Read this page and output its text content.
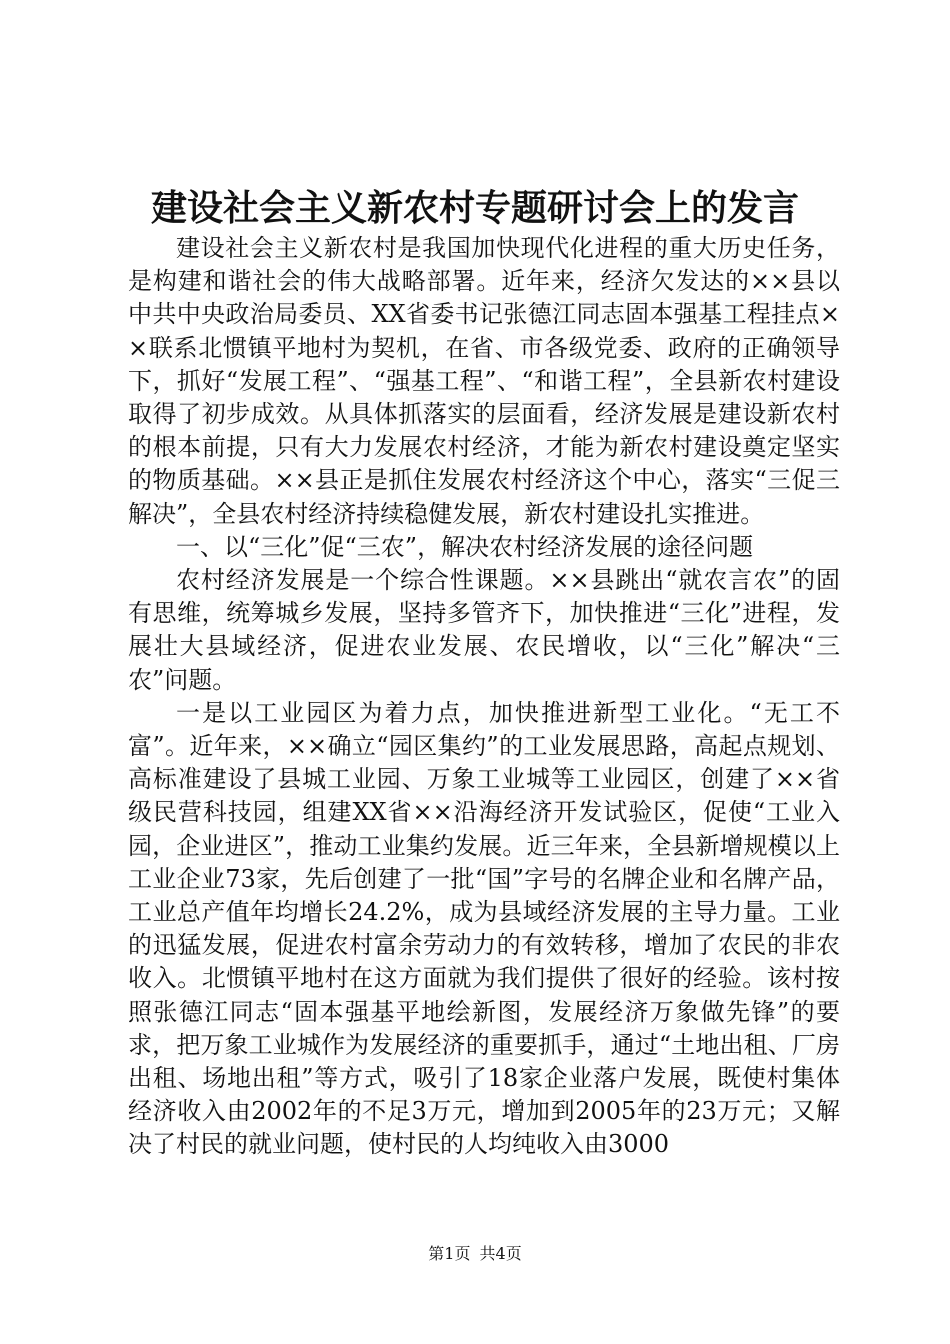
建设社会主义新农村专题研讨会上的发言

建设社会主义新农村是我国加快现代化进程的重大历史任务，是构建和谐社会的伟大战略部署。近年来，经济欠发达的××县以中共中央政治局委员、XX省委书记张德江同志固本强基工程挂点××联系北惯镇平地村为契机，在省、市各级党委、政府的正确领导下，抓好“发展工程”、“强基工程”、“和谐工程”，全县新农村建设取得了初步成效。从具体抓落实的层面看，经济发展是建设新农村的根本前提，只有大力发展农村经济，才能为新农村建设奠定坚实的物质基础。××县正是抓住发展农村经济这个中心，落实“三促三解决”，全县农村经济持续稳健发展，新农村建设扎实推进。

一、以“三化”促“三农”，解决农村经济发展的途径问题

农村经济发展是一个综合性课题。××县跳出“就农言农”的固有思维，统筹城乡发展，坚持多管齐下，加快推进“三化”进程，发展壮大县域经济，促进农业发展、农民增收，以“三化”解决“三农”问题。

一是以工业园区为着力点，加快推进新型工业化。“无工不富”。近年来，××确立“园区集约”的工业发展思路，高起点规划、高标准建设了县城工业园、万象工业城等工业园区，创建了××省级民营科技园，组建XX省××沿海经济开发试验区，促使“工业入园，企业进区”，推动工业集约发展。近三年来，全县新增规模以上工业企业73家，先后创建了一批“国”字号的名牌企业和名牌产品，工业总产值年均增长24.2%，成为县域经济发展的主导力量。工业的迅猛发展，促进农村富余劳动力的有效转移，增加了农民的非农收入。北惯镇平地村在这方面就为我们提供了很好的经验。该村按照张德江同志“固本强基平地绘新图，发展经济万象做先锋”的要求，把万象工业城作为发展经济的重要抓手，通过“土地出租、厂房出租、场地出租”等方式，吸引了18家企业落户发展，既使村集体经济收入由2002年的不足3万元，增加到2005年的23万元；又解决了村民的就业问题，使村民的人均纯收入由3000

第1页 共4页
